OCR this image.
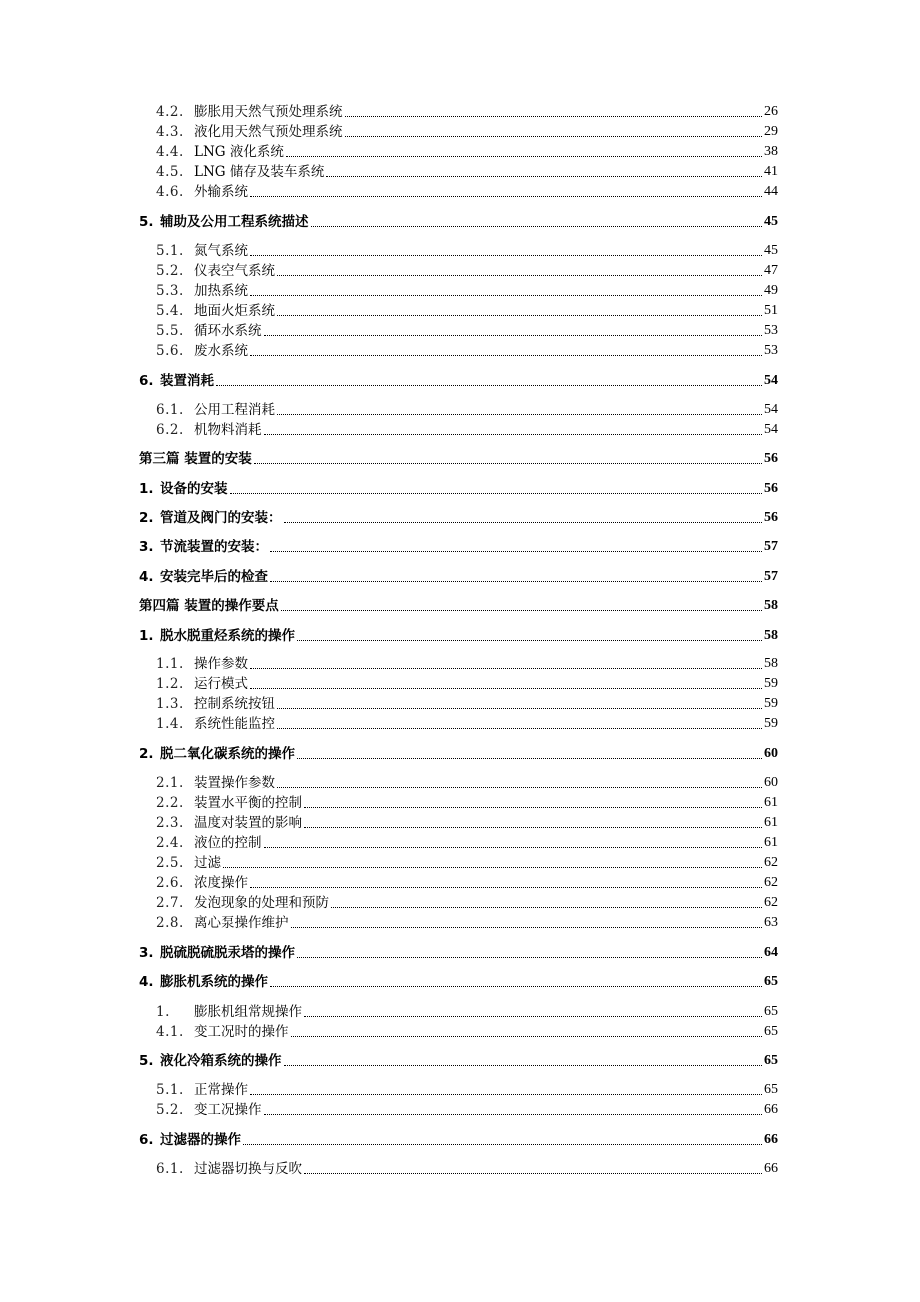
4.2. 膨胀用天然气预处理系统	26
4.3. 液化用天然气预处理系统	29
4.4. LNG 液化系统	38
4.5. LNG 储存及装车系统	41
4.6. 外输系统	44
5. 辅助及公用工程系统描述	45
5.1. 氮气系统	45
5.2. 仪表空气系统	47
5.3. 加热系统	49
5.4. 地面火炬系统	51
5.5. 循环水系统	53
5.6. 废水系统	53
6. 装置消耗	54
6.1. 公用工程消耗	54
6.2. 机物料消耗	54
第三篇 装置的安装	56
1. 设备的安装	56
2. 管道及阀门的安装：	56
3. 节流装置的安装：	57
4. 安装完毕后的检查	57
第四篇 装置的操作要点	58
1. 脱水脱重烃系统的操作	58
1.1. 操作参数	58
1.2. 运行模式	59
1.3. 控制系统按钮	59
1.4. 系统性能监控	59
2. 脱二氧化碳系统的操作	60
2.1. 装置操作参数	60
2.2. 装置水平衡的控制	61
2.3. 温度对装置的影响	61
2.4. 液位的控制	61
2.5. 过滤	62
2.6. 浓度操作	62
2.7. 发泡现象的处理和预防	62
2.8. 离心泵操作维护	63
3. 脱硫脱硫脱汞塔的操作	64
4. 膨胀机系统的操作	65
1. 膨胀机组常规操作	65
4.1. 变工况时的操作	65
5. 液化冷箱系统的操作	65
5.1. 正常操作	65
5.2. 变工况操作	66
6. 过滤器的操作	66
6.1. 过滤器切换与反吹	66
